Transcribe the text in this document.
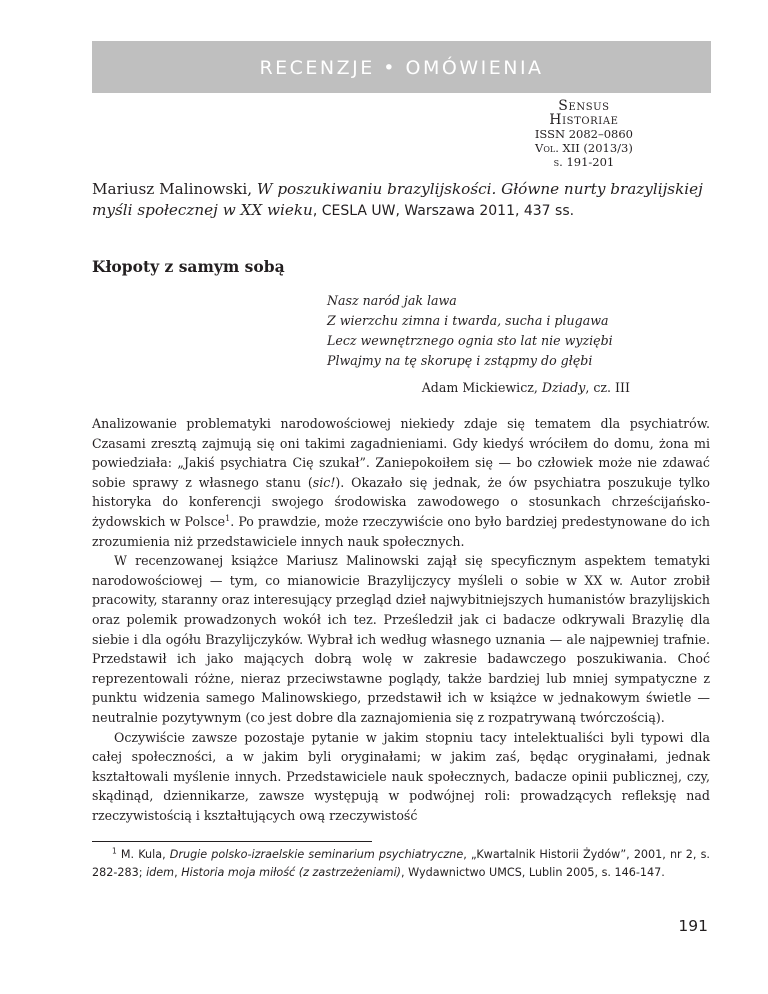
RECENZJE • OMÓWIENIA
Sensus
Historiae
ISSN 2082–0860
Vol. XII (2013/3)
s. 191-201
Mariusz Malinowski, W poszukiwaniu brazylijskości. Główne nurty brazylijskiej myśli społecznej w XX wieku, CESLA UW, Warszawa 2011, 437 ss.
Kłopoty z samym sobą
Nasz naród jak lawa
Z wierzchu zimna i twarda, sucha i plugawa
Lecz wewnętrznego ognia sto lat nie wyziębi
Plwajmy na tę skorupę i zstąpmy do głębi
Adam Mickiewicz, Dziady, cz. III

Analizowanie problematyki narodowościowej niekiedy zdaje się tematem dla psychiatrów. Czasami zresztą zajmują się oni takimi zagadnieniami. Gdy kiedyś wróciłem do domu, żona mi powiedziała: „Jakiś psychiatra Cię szukał”. Zaniepokoiłem się — bo człowiek może nie zdawać sobie sprawy z własnego stanu (sic!). Okazało się jednak, że ów psychiatra poszukuje tylko historyka do konferencji swojego środowiska zawodowego o stosunkach chrześcijańsko-żydowskich w Polsce$^1$. Po prawdzie, może rzeczywiście ono było bardziej predestynowane do ich zrozumienia niż przedstawiciele innych nauk społecznych.

W recenzowanej książce Mariusz Malinowski zajął się specyficznym aspektem tematyki narodowościowej — tym, co mianowicie Brazylijczycy myśleli o sobie w XX w. Autor zrobił pracowity, staranny oraz interesujący przegląd dzieł najwybitniejszych humanistów brazylijskich oraz polemik prowadzonych wokół ich tez. Prześledził jak ci badacze odkrywali Brazylię dla siebie i dla ogółu Brazylijczyków. Wybrał ich według własnego uznania — ale najpewniej trafnie. Przedstawił ich jako mających dobrą wolę w zakresie badawczego poszukiwania. Choć reprezentowali różne, nieraz przeciwstawne poglądy, także bardziej lub mniej sympatyczne z punktu widzenia samego Malinowskiego, przedstawił ich w książce w jednakowym świetle — neutralnie pozytywnym (co jest dobre dla zaznajomienia się z rozpatrywaną twórczością).

Oczywiście zawsze pozostaje pytanie w jakim stopniu tacy intelektualiści byli typowi dla całej społeczności, a w jakim byli oryginałami; w jakim zaś, będąc oryginałami, jednak kształtowali myślenie innych. Przedstawiciele nauk społecznych, badacze opinii publicznej, czy, skądinąd, dziennikarze, zawsze występują w podwójnej roli: prowadzących refleksję nad rzeczywistością i kształtujących ową rzeczywistość

$^1$ M. Kula, Drugie polsko-izraelskie seminarium psychiatryczne, „Kwartalnik Historii Żydów”, 2001, nr 2, s. 282-283; idem, Historia moja miłość (z zastrzeżeniami), Wydawnictwo UMCS, Lublin 2005, s. 146-147.
191
